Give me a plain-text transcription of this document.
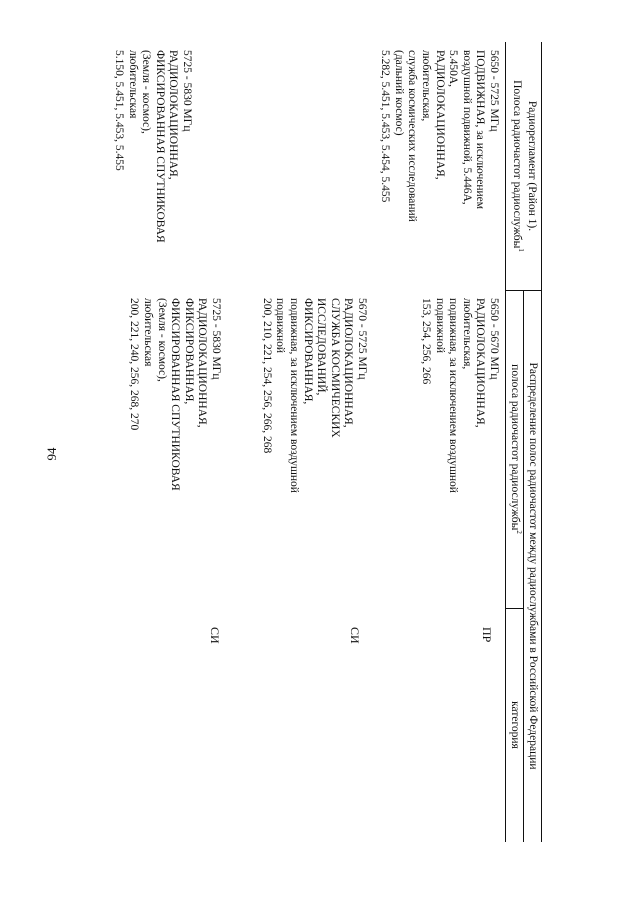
94
Радиорегламент (Район 1).
Полоса радиочастот радиослужбы$^1$
Распределение полос радиочастот между радиослужбами в Российской Федерации
полоса радиочастот радиослужбы$^2$
категория
5650 - 5725 МГц
ПОДВИЖНАЯ, за исключением
воздушной подвижной, 5.446А,
5.450А,
РАДИОЛОКАЦИОННАЯ,
любительская,
служба космических исследований
(дальний космос)
5.282, 5.451, 5.453, 5.454, 5.455
5725 - 5830 МГц
РАДИОЛОКАЦИОННАЯ,
ФИКСИРОВАННАЯ СПУТНИКОВАЯ
(Земля - космос),
любительская
5.150, 5.451, 5.453, 5.455
5650 - 5670 МГц
РАДИОЛОКАЦИОННАЯ,
любительская,
подвижная, за исключением воздушной
подвижной
153, 254, 256, 266
ПР
5670 - 5725 МГц
РАДИОЛОКАЦИОННАЯ,
СЛУЖБА КОСМИЧЕСКИХ
ИССЛЕДОВАНИЙ,
ФИКСИРОВАННАЯ,
подвижная, за исключением воздушной
подвижной
200, 210, 221, 254, 256, 266, 268
СИ
5725 - 5830 МГц
РАДИОЛОКАЦИОННАЯ,
ФИКСИРОВАННАЯ,
ФИКСИРОВАННАЯ СПУТНИКОВАЯ
(Земля - космос),
любительская
200, 221, 240, 256, 268, 270
СИ
